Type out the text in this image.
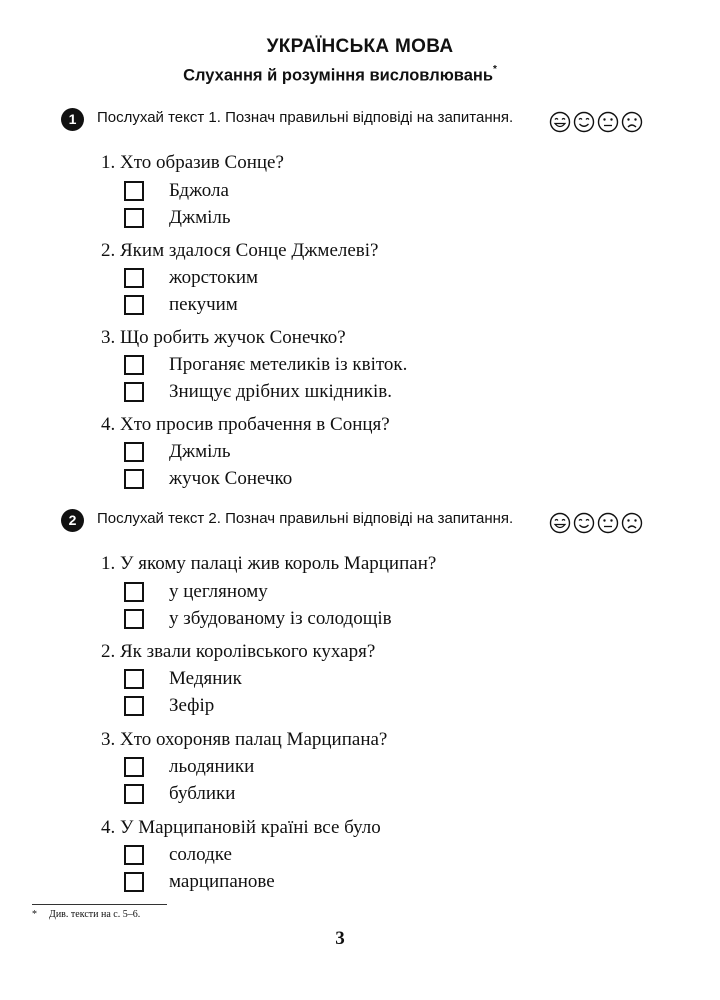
УКРАЇНСЬКА МОВА
Слухання й розуміння висловлювань*
1	Послухай текст 1. Познач правильні відповіді на запитання.
1. Хто образив Сонце?
Бджола
Джміль
2. Яким здалося Сонце Джмелеві?
жорстоким
пекучим
3. Що робить жучок Сонечко?
Проганяє метеликів із квіток.
Знищує дрібних шкідників.
4. Хто просив пробачення в Сонця?
Джміль
жучок Сонечко
2	Послухай текст 2. Познач правильні відповіді на запитання.
1. У якому палаці жив король Марципан?
у цегляному
у збудованому із солодощів
2. Як звали королівського кухаря?
Медяник
Зефір
3. Хто охороняв палац Марципана?
льодяники
бублики
4. У Марципановій країні все було
солодке
марципанове
* Див. тексти на с. 5–6.
3
